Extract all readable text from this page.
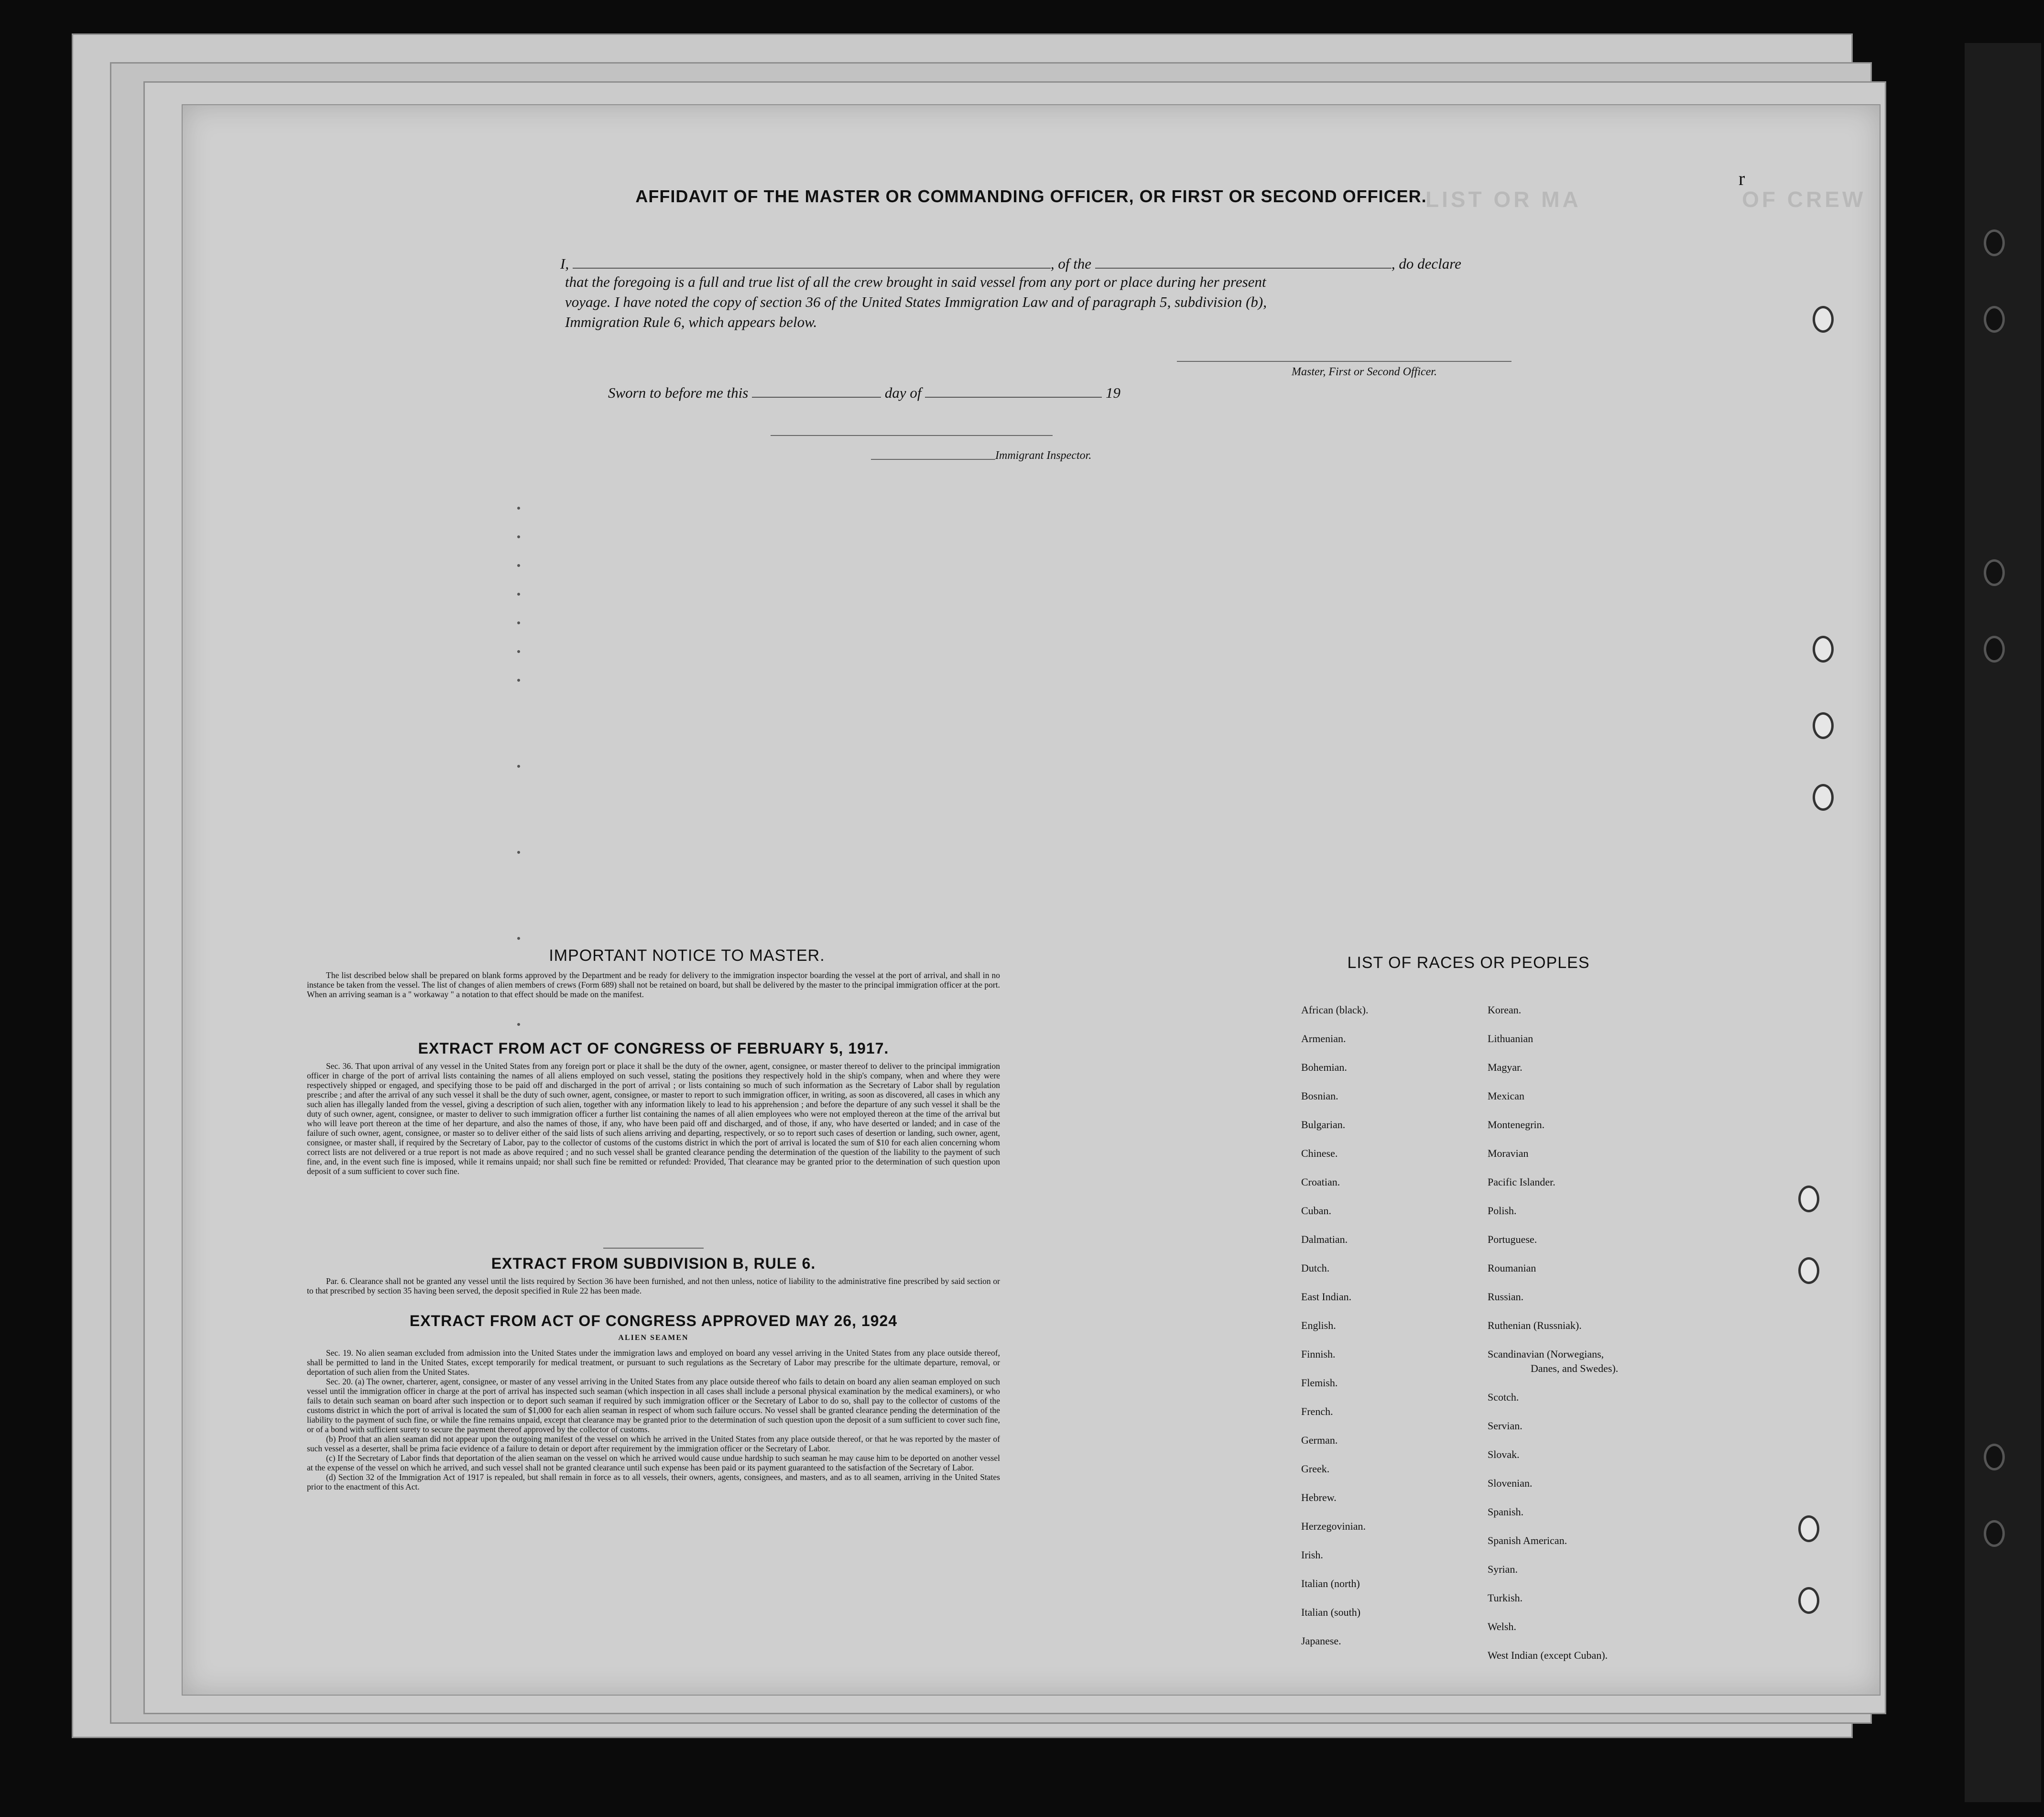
LIST OR MA                  OF CREW
AFFIDAVIT OF THE MASTER OR COMMANDING OFFICER, OR FIRST OR SECOND OFFICER.
I,	, of the	, do declare
that the foregoing is a full and true list of all the crew brought in said vessel from any port or place during her present
voyage. I have noted the copy of section 36 of the United States Immigration Law and of paragraph 5, subdivision (b),
Immigration Rule 6, which appears below.
Master, First or Second Officer.
Sworn to before me this	day of	19
Immigrant Inspector.
IMPORTANT NOTICE TO MASTER.
The list described below shall be prepared on blank forms approved by the Department and be ready for delivery to the immigration inspector boarding the vessel at the port of arrival, and shall in no instance be taken from the vessel. The list of changes of alien members of crews (Form 689) shall not be retained on board, but shall be delivered by the master to the principal immigration officer at the port. When an arriving seaman is a " workaway " a notation to that effect should be made on the manifest.
EXTRACT FROM ACT OF CONGRESS OF FEBRUARY 5, 1917.
Sec. 36. That upon arrival of any vessel in the United States from any foreign port or place it shall be the duty of the owner, agent, consignee, or master thereof to deliver to the principal immigration officer in charge of the port of arrival lists containing the names of all aliens employed on such vessel, stating the positions they respectively hold in the ship's company, when and where they were respectively shipped or engaged, and specifying those to be paid off and discharged in the port of arrival ; or lists containing so much of such information as the Secretary of Labor shall by regulation prescribe ; and after the arrival of any such vessel it shall be the duty of such owner, agent, consignee, or master to report to such immigration officer, in writing, as soon as discovered, all cases in which any such alien has illegally landed from the vessel, giving a description of such alien, together with any information likely to lead to his apprehension ; and before the departure of any such vessel it shall be the duty of such owner, agent, consignee, or master to deliver to such immigration officer a further list containing the names of all alien employees who were not employed thereon at the time of the arrival but who will leave port thereon at the time of her departure, and also the names of those, if any, who have been paid off and discharged, and of those, if any, who have deserted or landed; and in case of the failure of such owner, agent, consignee, or master so to deliver either of the said lists of such aliens arriving and departing, respectively, or so to report such cases of desertion or landing, such owner, agent, consignee, or master shall, if required by the Secretary of Labor, pay to the collector of customs of the customs district in which the port of arrival is located the sum of $10 for each alien concerning whom correct lists are not delivered or a true report is not made as above required ; and no such vessel shall be granted clearance pending the determination of the question of the liability to the payment of such fine, and, in the event such fine is imposed, while it remains unpaid; nor shall such fine be remitted or refunded: Provided, That clearance may be granted prior to the determination of such question upon deposit of a sum sufficient to cover such fine.
EXTRACT FROM SUBDIVISION B, RULE 6.
Par. 6. Clearance shall not be granted any vessel until the lists required by Section 36 have been furnished, and not then unless, notice of liability to the administrative fine prescribed by said section or to that prescribed by section 35 having been served, the deposit specified in Rule 22 has been made.
EXTRACT FROM ACT OF CONGRESS APPROVED MAY 26, 1924
ALIEN SEAMEN
Sec. 19. No alien seaman excluded from admission into the United States under the immigration laws and employed on board any vessel arriving in the United States from any place outside thereof, shall be permitted to land in the United States, except temporarily for medical treatment, or pursuant to such regulations as the Secretary of Labor may prescribe for the ultimate departure, removal, or deportation of such alien from the United States.
Sec. 20. (a) The owner, charterer, agent, consignee, or master of any vessel arriving in the United States from any place outside thereof who fails to detain on board any alien seaman employed on such vessel until the immigration officer in charge at the port of arrival has inspected such seaman (which inspection in all cases shall include a personal physical examination by the medical examiners), or who fails to detain such seaman on board after such inspection or to deport such seaman if required by such immigration officer or the Secretary of Labor to do so, shall pay to the collector of customs of the customs district in which the port of arrival is located the sum of $1,000 for each alien seaman in respect of whom such failure occurs. No vessel shall be granted clearance pending the determination of the liability to the payment of such fine, or while the fine remains unpaid, except that clearance may be granted prior to the determination of such question upon the deposit of a sum sufficient to cover such fine, or of a bond with sufficient surety to secure the payment thereof approved by the collector of customs.
(b) Proof that an alien seaman did not appear upon the outgoing manifest of the vessel on which he arrived in the United States from any place outside thereof, or that he was reported by the master of such vessel as a deserter, shall be prima facie evidence of a failure to detain or deport after requirement by the immigration officer or the Secretary of Labor.
(c) If the Secretary of Labor finds that deportation of the alien seaman on the vessel on which he arrived would cause undue hardship to such seaman he may cause him to be deported on another vessel at the expense of the vessel on which he arrived, and such vessel shall not be granted clearance until such expense has been paid or its payment guaranteed to the satisfaction of the Secretary of Labor.
(d) Section 32 of the Immigration Act of 1917 is repealed, but shall remain in force as to all vessels, their owners, agents, consignees, and masters, and as to all seamen, arriving in the United States prior to the enactment of this Act.
LIST OF RACES OR PEOPLES
African (black).
Armenian.
Bohemian.
Bosnian.
Bulgarian.
Chinese.
Croatian.
Cuban.
Dalmatian.
Dutch.
East Indian.
English.
Finnish.
Flemish.
French.
German.
Greek.
Hebrew.
Herzegovinian.
Irish.
Italian (north)
Italian (south)
Japanese.
Korean.
Lithuanian
Magyar.
Mexican
Montenegrin.
Moravian
Pacific Islander.
Polish.
Portuguese.
Roumanian
Russian.
Ruthenian (Russniak).
Scandinavian (Norwegians,
Danes, and Swedes).
Scotch.
Servian.
Slovak.
Slovenian.
Spanish.
Spanish American.
Syrian.
Turkish.
Welsh.
West Indian (except Cuban).
r
